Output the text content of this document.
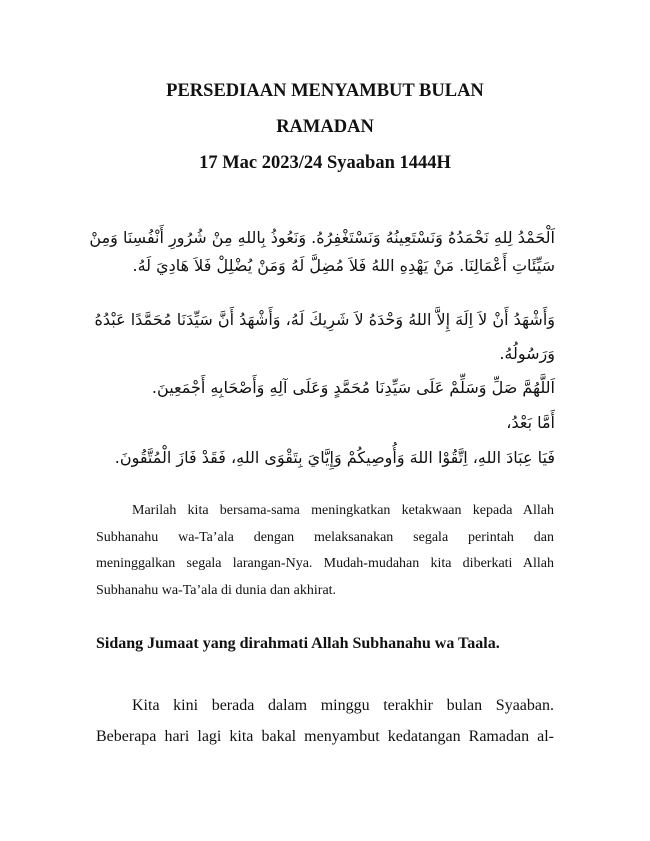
PERSEDIAAN MENYAMBUT BULAN
RAMADAN
17 Mac 2023/24 Syaaban 1444H

اَلْحَمْدُ لِلهِ نَحْمَدُهُ وَنَسْتَعِينُهُ وَنَسْتَغْفِرُهُ. وَنَعُوذُ بِاللهِ مِنْ شُرُورِ أَنْفُسِنَا وَمِنْ

سَيِّئَاتِ أَعْمَالِنَا. مَنْ يَهْدِهِ اللهُ فَلاَ مُضِلَّ لَهُ وَمَنْ يُضْلِلْ فَلاَ هَادِيَ لَهُ.

وَأَشْهَدُ أَنْ لاَ اِلَهَ إِلاَّ اللهُ وَحْدَهُ لاَ شَرِيكَ لَهُ، وَأَشْهَدُ أَنَّ سَيِّدَنَا مُحَمَّدًا عَبْدُهُ

وَرَسُولُهُ.

اَللَّهُمَّ صَلِّ وَسَلِّمْ عَلَى سَيِّدِنَا مُحَمَّدٍ وَعَلَى آلِهِ وَأَصْحَابِهِ أَجْمَعِينَ.

أَمَّا بَعْدُ،

فَيَا عِبَادَ اللهِ، اِتَّقُوْا اللهَ وَأُوصِيكُمْ وَإِيَّايَ بِتَقْوَى اللهِ، فَقَدْ فَازَ الْمُتَّقُونَ.

Marilah kita bersama-sama meningkatkan ketakwaan kepada Allah
Subhanahu wa-Ta’ala dengan melaksanakan segala perintah dan
meninggalkan segala larangan-Nya. Mudah-mudahan kita diberkati Allah
Subhanahu wa-Ta’ala di dunia dan akhirat.
Sidang Jumaat yang dirahmati Allah Subhanahu wa Taala.
Kita kini berada dalam minggu terakhir bulan Syaaban.
Beberapa hari lagi kita bakal menyambut kedatangan Ramadan al-
